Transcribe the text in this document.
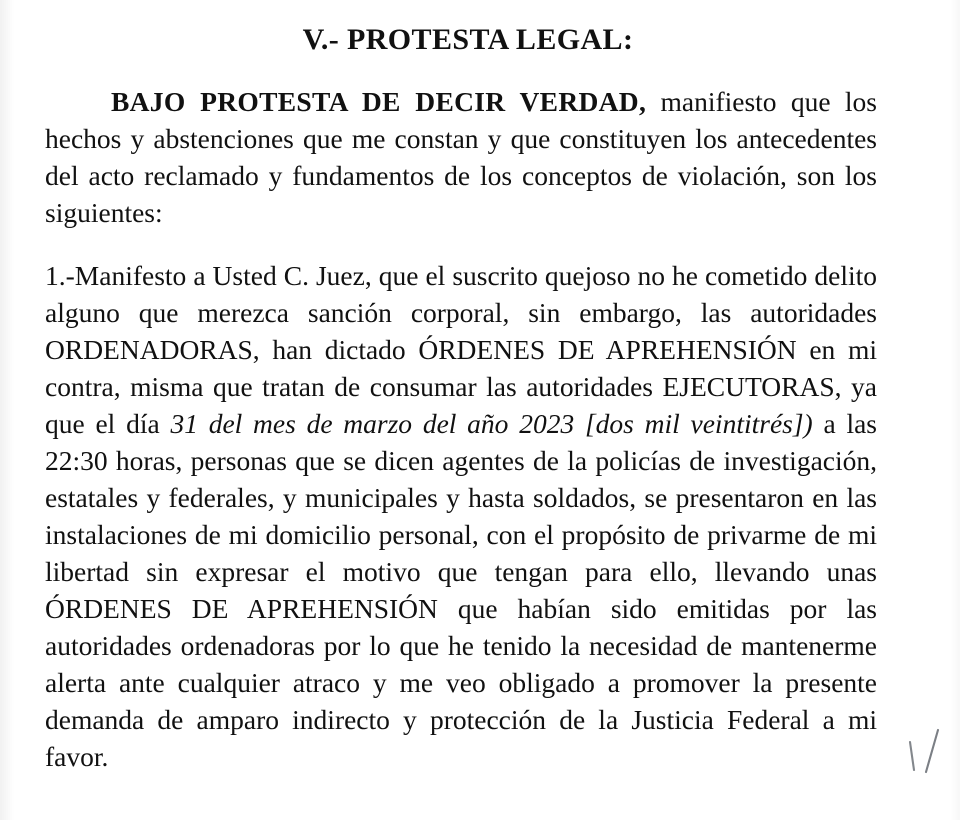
V.- PROTESTA LEGAL:

BAJO PROTESTA DE DECIR VERDAD, manifiesto que los hechos y abstenciones que me constan y que constituyen los antecedentes del acto reclamado y fundamentos de los conceptos de violación, son los siguientes:

1.-Manifesto a Usted C. Juez, que el suscrito quejoso no he cometido delito alguno que merezca sanción corporal, sin embargo, las autoridades ORDENADORAS, han dictado ÓRDENES DE APREHENSIÓN en mi contra, misma que tratan de consumar las autoridades EJECUTORAS, ya que el día 31 del mes de marzo del año 2023 [dos mil veintitrés]) a las 22:30 horas, personas que se dicen agentes de la policías de investigación, estatales y federales, y municipales y hasta soldados, se presentaron en las instalaciones de mi domicilio personal, con el propósito de privarme de mi libertad sin expresar el motivo que tengan para ello, llevando unas ÓRDENES DE APREHENSIÓN que habían sido emitidas por las autoridades ordenadoras por lo que he tenido la necesidad de mantenerme alerta ante cualquier atraco y me veo obligado a promover la presente demanda de amparo indirecto y protección de la Justicia Federal a mi favor.
